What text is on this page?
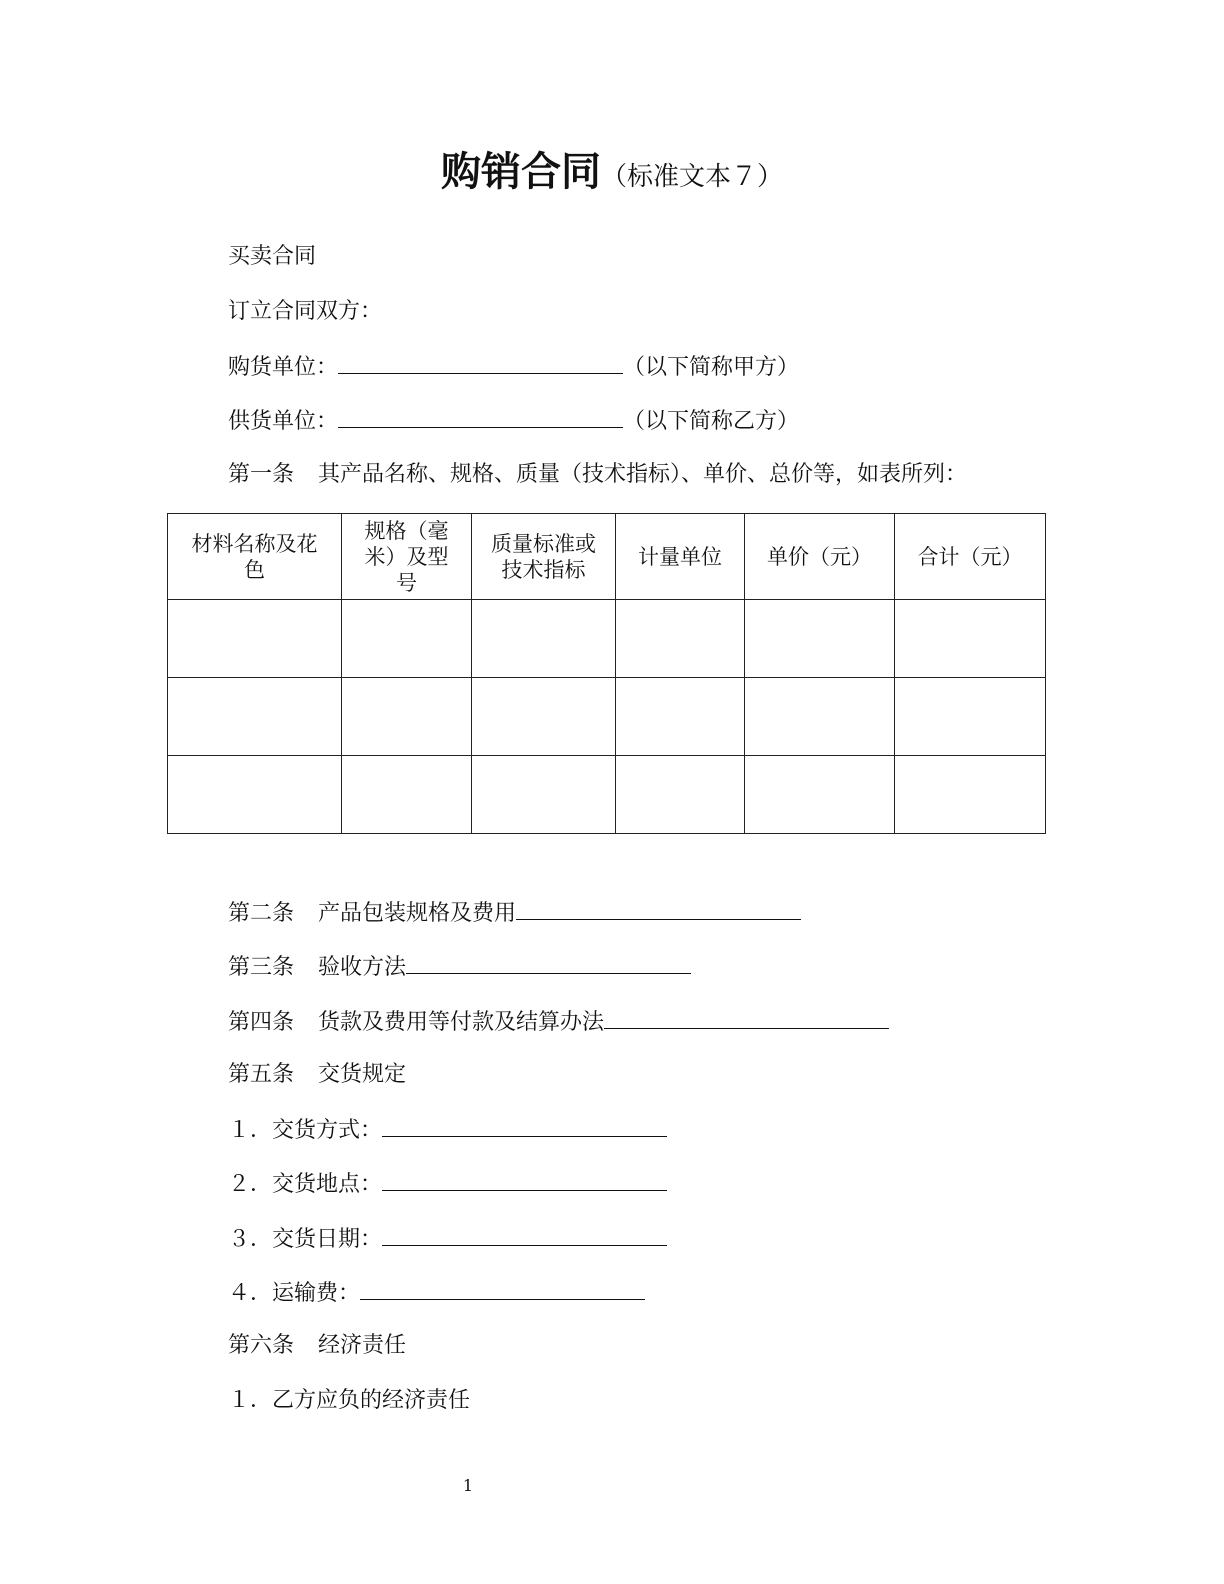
购销合同（标准文本７）
买卖合同
订立合同双方：
购货单位：	（以下简称甲方）
供货单位：	（以下简称乙方）
第一条 其产品名称、规格、质量（技术指标）、单价、总价等，如表所列：
材料名称及花色	规格（毫米）及型号	质量标准或技术指标	计量单位	单价（元）	合计（元）

第二条 产品包装规格及费用
第三条 验收方法
第四条 货款及费用等付款及结算办法
第五条 交货规定
１．交货方式：
２．交货地点：
３．交货日期：
４．运输费：
第六条 经济责任
１．乙方应负的经济责任
1
